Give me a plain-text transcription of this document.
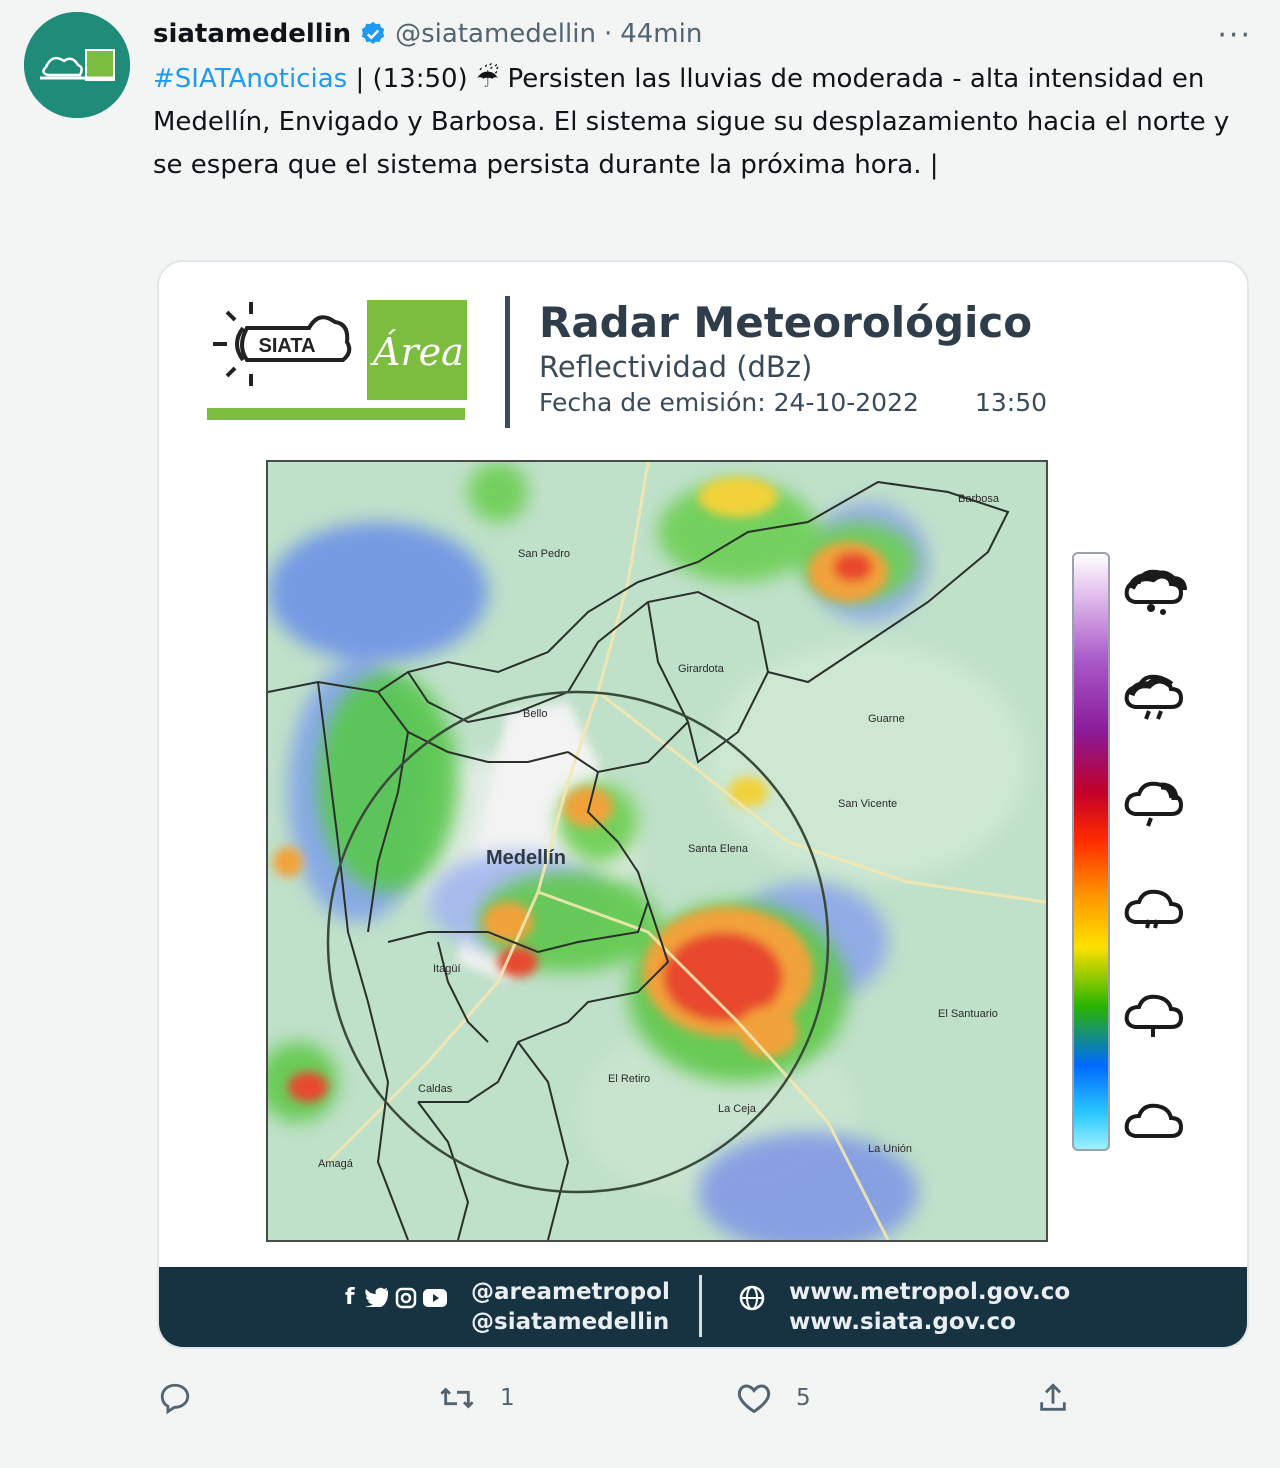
siatamedellin @siatamedellin · 44min	···
#SIATAnoticias | (13:50) ☔ Persisten las lluvias de moderada - alta intensidad en Medellín, Envigado y Barbosa. El sistema sigue su desplazamiento hacia el norte y se espera que el sistema persista durante la próxima hora. |
SIATA Área
Radar Meteorológico
Reflectividad (dBz)
Fecha de emisión: 24-10-2022 13:50
Bello
Medellín
Itagüí
Girardota
Barbosa
Santa Elena
San Vicente
Guarne
El Santuario
La Ceja
La Unión
Caldas
Amagá
San Pedro
El Retiro
f	@areametropol
@siatamedellin
www.metropol.gov.co
www.siata.gov.co
1	5
